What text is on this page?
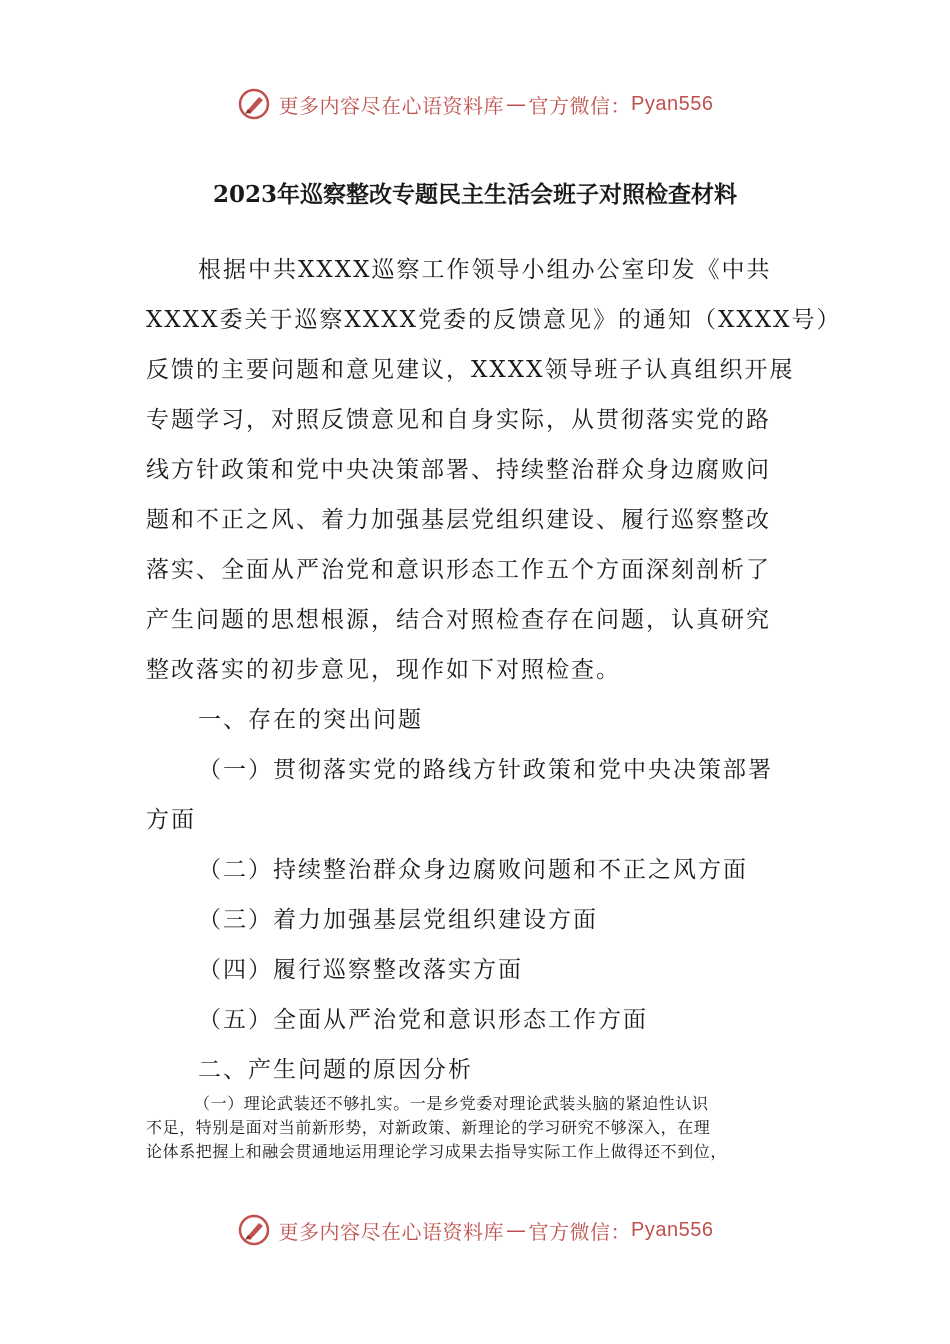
更多内容尽在心语资料库 — 官方微信： Pyan556
2023年巡察整改专题民主生活会班子对照检查材料
根据中共XXXX巡察工作领导小组办公室印发《中共
XXXX委关于巡察XXXX党委的反馈意见》的通知（XXXX号）
反馈的主要问题和意见建议，XXXX领导班子认真组织开展
专题学习，对照反馈意见和自身实际，从贯彻落实党的路
线方针政策和党中央决策部署、持续整治群众身边腐败问
题和不正之风、着力加强基层党组织建设、履行巡察整改
落实、全面从严治党和意识形态工作五个方面深刻剖析了
产生问题的思想根源，结合对照检查存在问题，认真研究
整改落实的初步意见，现作如下对照检查。
一、存在的突出问题
（一）贯彻落实党的路线方针政策和党中央决策部署
方面
（二）持续整治群众身边腐败问题和不正之风方面
（三）着力加强基层党组织建设方面
（四）履行巡察整改落实方面
（五）全面从严治党和意识形态工作方面
二、产生问题的原因分析
（一）理论武装还不够扎实。一是乡党委对理论武装头脑的紧迫性认识
不足，特别是面对当前新形势，对新政策、新理论的学习研究不够深入，在理
论体系把握上和融会贯通地运用理论学习成果去指导实际工作上做得还不到位，
更多内容尽在心语资料库 — 官方微信： Pyan556
